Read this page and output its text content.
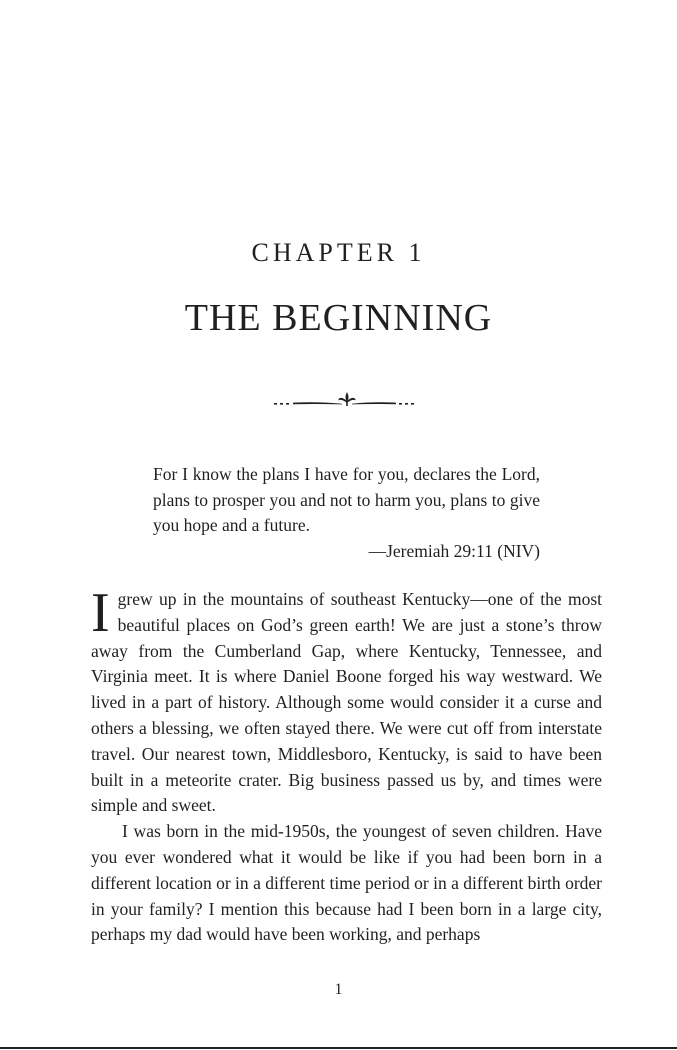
CHAPTER 1
THE BEGINNING
For I know the plans I have for you, declares the Lord, plans to prosper you and not to harm you, plans to give you hope and a future.
—Jeremiah 29:11 (NIV)

Igrew up in the mountains of southeast Kentucky—one of the most beautiful places on God’s green earth! We are just a stone’s throw away from the Cumberland Gap, where Kentucky, Tennessee, and Virginia meet. It is where Daniel Boone forged his way westward. We lived in a part of history. Although some would consider it a curse and others a blessing, we often stayed there. We were cut off from interstate travel. Our nearest town, Middlesboro, Kentucky, is said to have been built in a meteorite crater. Big business passed us by, and times were simple and sweet.

I was born in the mid-1950s, the youngest of seven children. Have you ever wondered what it would be like if you had been born in a different location or in a different time period or in a different birth order in your family? I mention this because had I been born in a large city, perhaps my dad would have been working, and perhaps

1
